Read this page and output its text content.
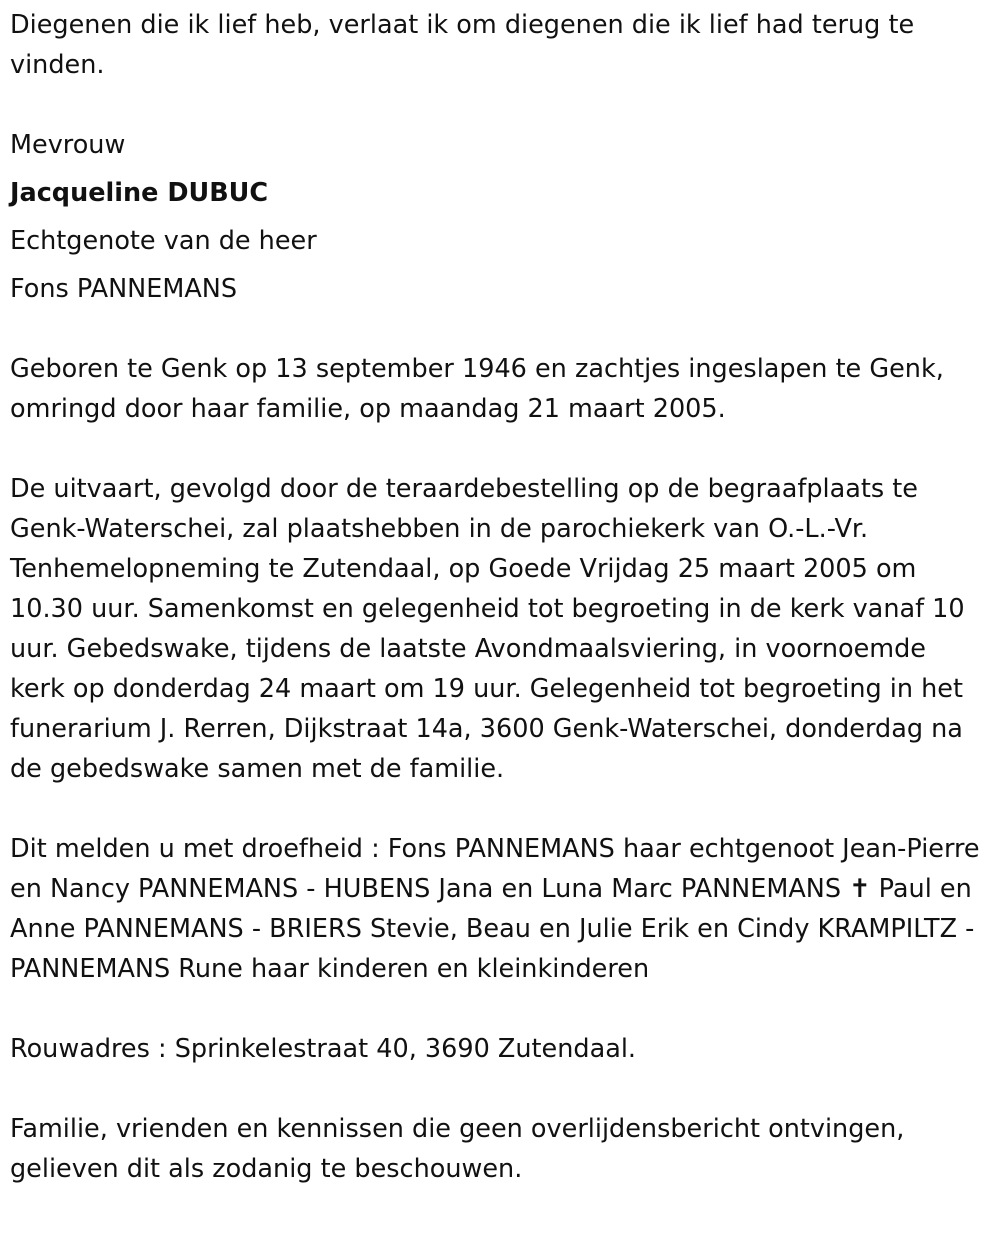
Diegenen die ik lief heb, verlaat ik om diegenen die ik lief had terug te vinden.

Mevrouw

Jacqueline DUBUC

Echtgenote van de heer

Fons PANNEMANS

Geboren te Genk op 13 september 1946 en zachtjes ingeslapen te Genk, omringd door haar familie, op maandag 21 maart 2005.

De uitvaart, gevolgd door de teraardebestelling op de begraafplaats te Genk-Waterschei, zal plaatshebben in de parochiekerk van O.-L.-Vr. Tenhemelopneming te Zutendaal, op Goede Vrijdag 25 maart 2005 om 10.30 uur. Samenkomst en gelegenheid tot begroeting in de kerk vanaf 10 uur. Gebedswake, tijdens de laatste Avondmaalsviering, in voornoemde kerk op donderdag 24 maart om 19 uur. Gelegenheid tot begroeting in het funerarium J. Rerren, Dijkstraat 14a, 3600 Genk-Waterschei, donderdag na de gebedswake samen met de familie.

Dit melden u met droefheid : Fons PANNEMANS haar echtgenoot Jean-Pierre en Nancy PANNEMANS - HUBENS Jana en Luna Marc PANNEMANS ✝ Paul en Anne PANNEMANS - BRIERS Stevie, Beau en Julie Erik en Cindy KRAMPILTZ - PANNEMANS Rune haar kinderen en kleinkinderen

Rouwadres : Sprinkelestraat 40, 3690 Zutendaal.

Familie, vrienden en kennissen die geen overlijdensbericht ontvingen, gelieven dit als zodanig te beschouwen.
